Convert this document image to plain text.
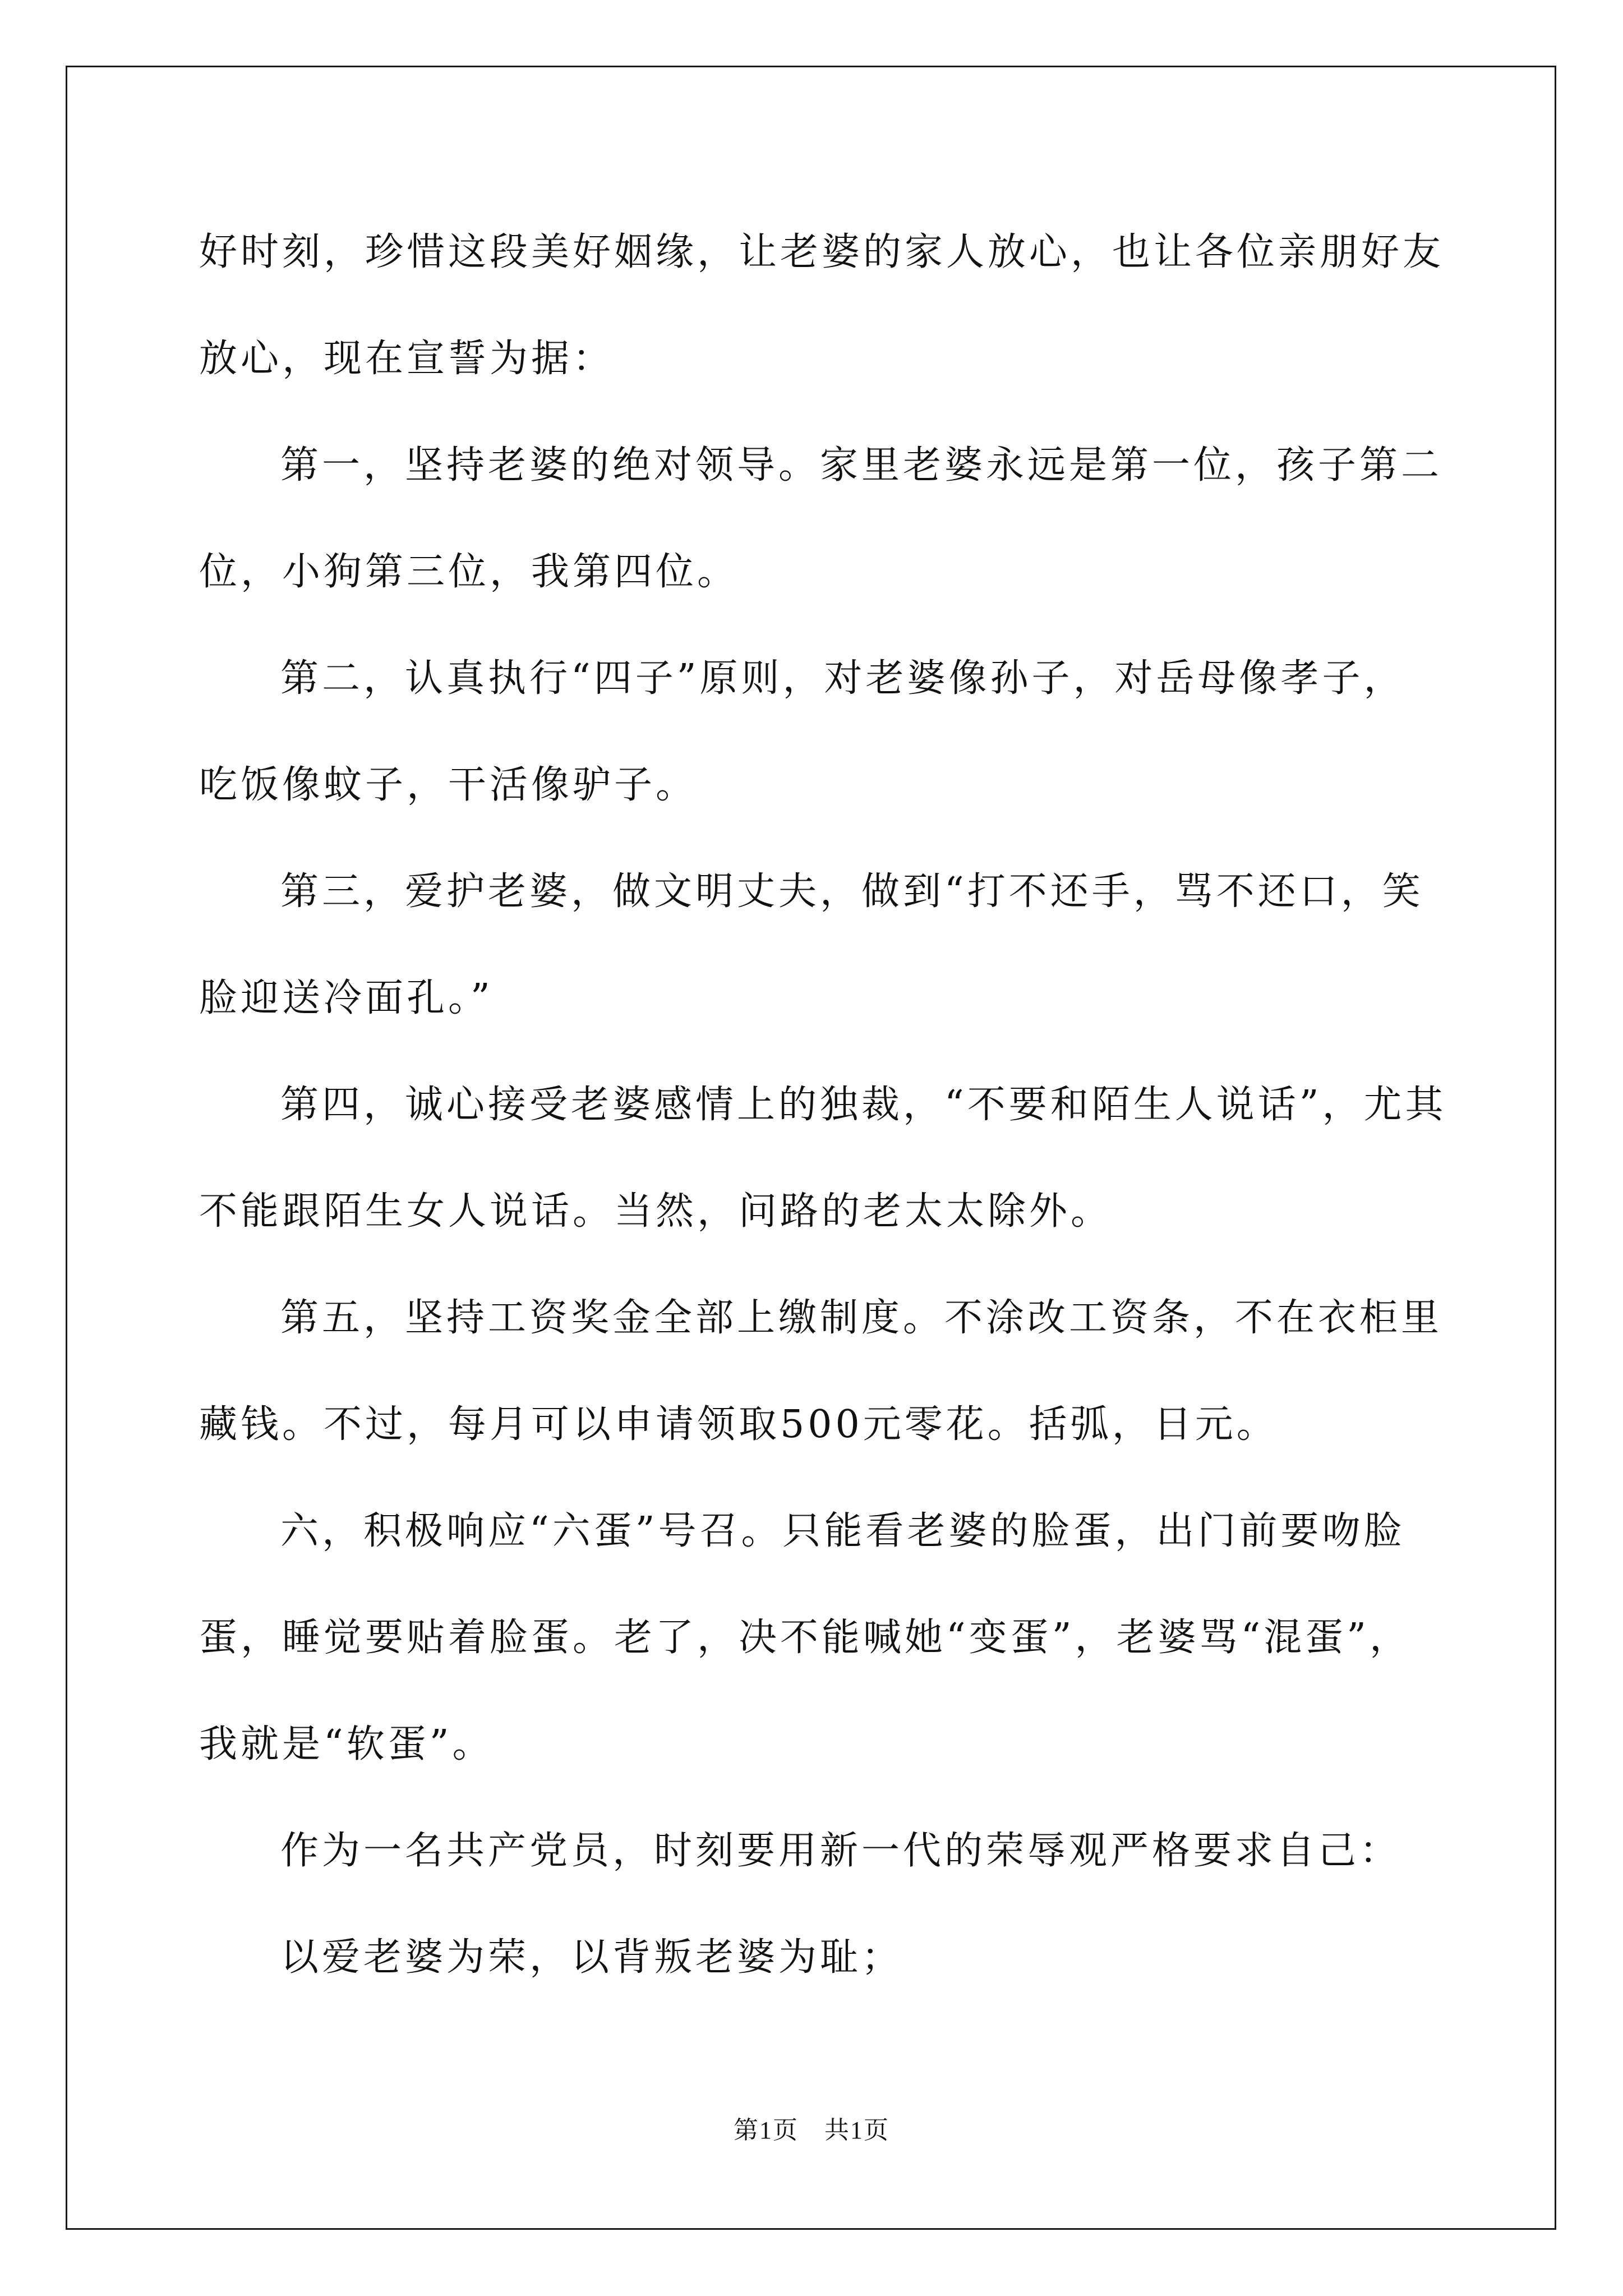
好时刻，珍惜这段美好姻缘，让老婆的家人放心，也让各位亲朋好友
放心，现在宣誓为据：
第一，坚持老婆的绝对领导。家里老婆永远是第一位，孩子第二
位，小狗第三位，我第四位。
第二，认真执行“四子”原则，对老婆像孙子，对岳母像孝子，
吃饭像蚊子，干活像驴子。
第三，爱护老婆，做文明丈夫，做到“打不还手，骂不还口，笑
脸迎送冷面孔。”
第四，诚心接受老婆感情上的独裁，“不要和陌生人说话”，尤其
不能跟陌生女人说话。当然，问路的老太太除外。
第五，坚持工资奖金全部上缴制度。不涂改工资条，不在衣柜里
藏钱。不过，每月可以申请领取500元零花。括弧，日元。
六，积极响应“六蛋”号召。只能看老婆的脸蛋，出门前要吻脸
蛋，睡觉要贴着脸蛋。老了，决不能喊她“变蛋”，老婆骂“混蛋”，
我就是“软蛋”。
作为一名共产党员，时刻要用新一代的荣辱观严格要求自己：
以爱老婆为荣，以背叛老婆为耻；
第1页　共1页
